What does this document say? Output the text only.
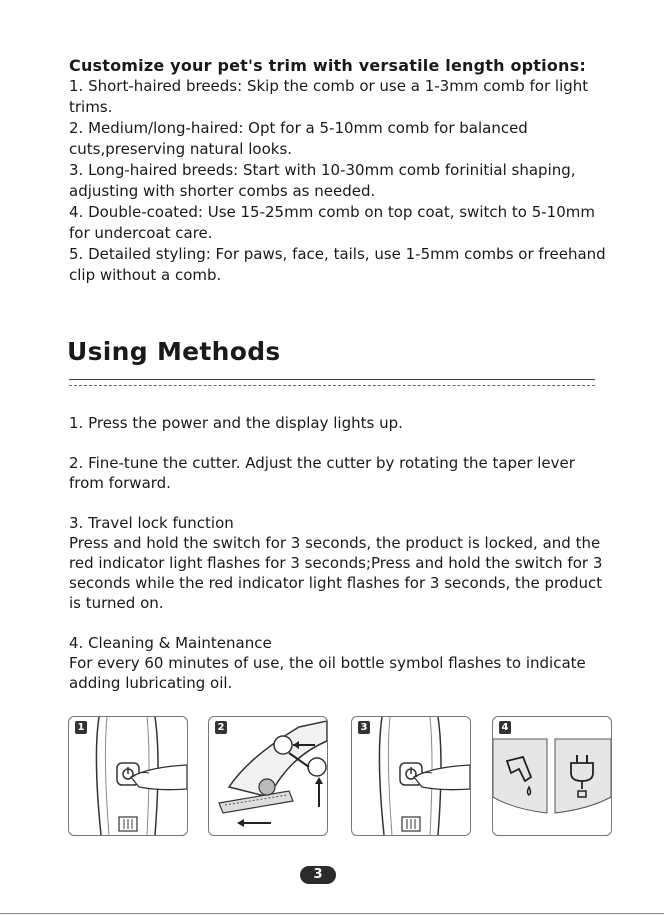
Customize your pet's trim with versatile length options:

1. Short-haired breeds: Skip the comb or use a 1-3mm comb for light trims.

2. Medium/long-haired: Opt for a 5-10mm comb for balanced cuts,preserving natural looks.

3. Long-haired breeds: Start with 10-30mm comb forinitial shaping, adjusting with shorter combs as needed.

4. Double-coated: Use 15-25mm comb on top coat, switch to 5-10mm for undercoat care.

5. Detailed styling: For paws, face, tails, use 1-5mm combs or freehand clip without a comb.

Using Methods

1. Press the power and the display lights up.

2. Fine-tune the cutter. Adjust the cutter by rotating the taper lever from forward.

3. Travel lock function

Press and hold the switch for 3 seconds, the product is locked, and the red indicator light flashes for 3 seconds;Press and hold the switch for 3 seconds while the red indicator light flashes for 3 seconds, the product is turned on.

4. Cleaning & Maintenance

For every 60 minutes of use, the oil bottle symbol flashes to indicate adding lubricating oil.

1	2	3	4
3
